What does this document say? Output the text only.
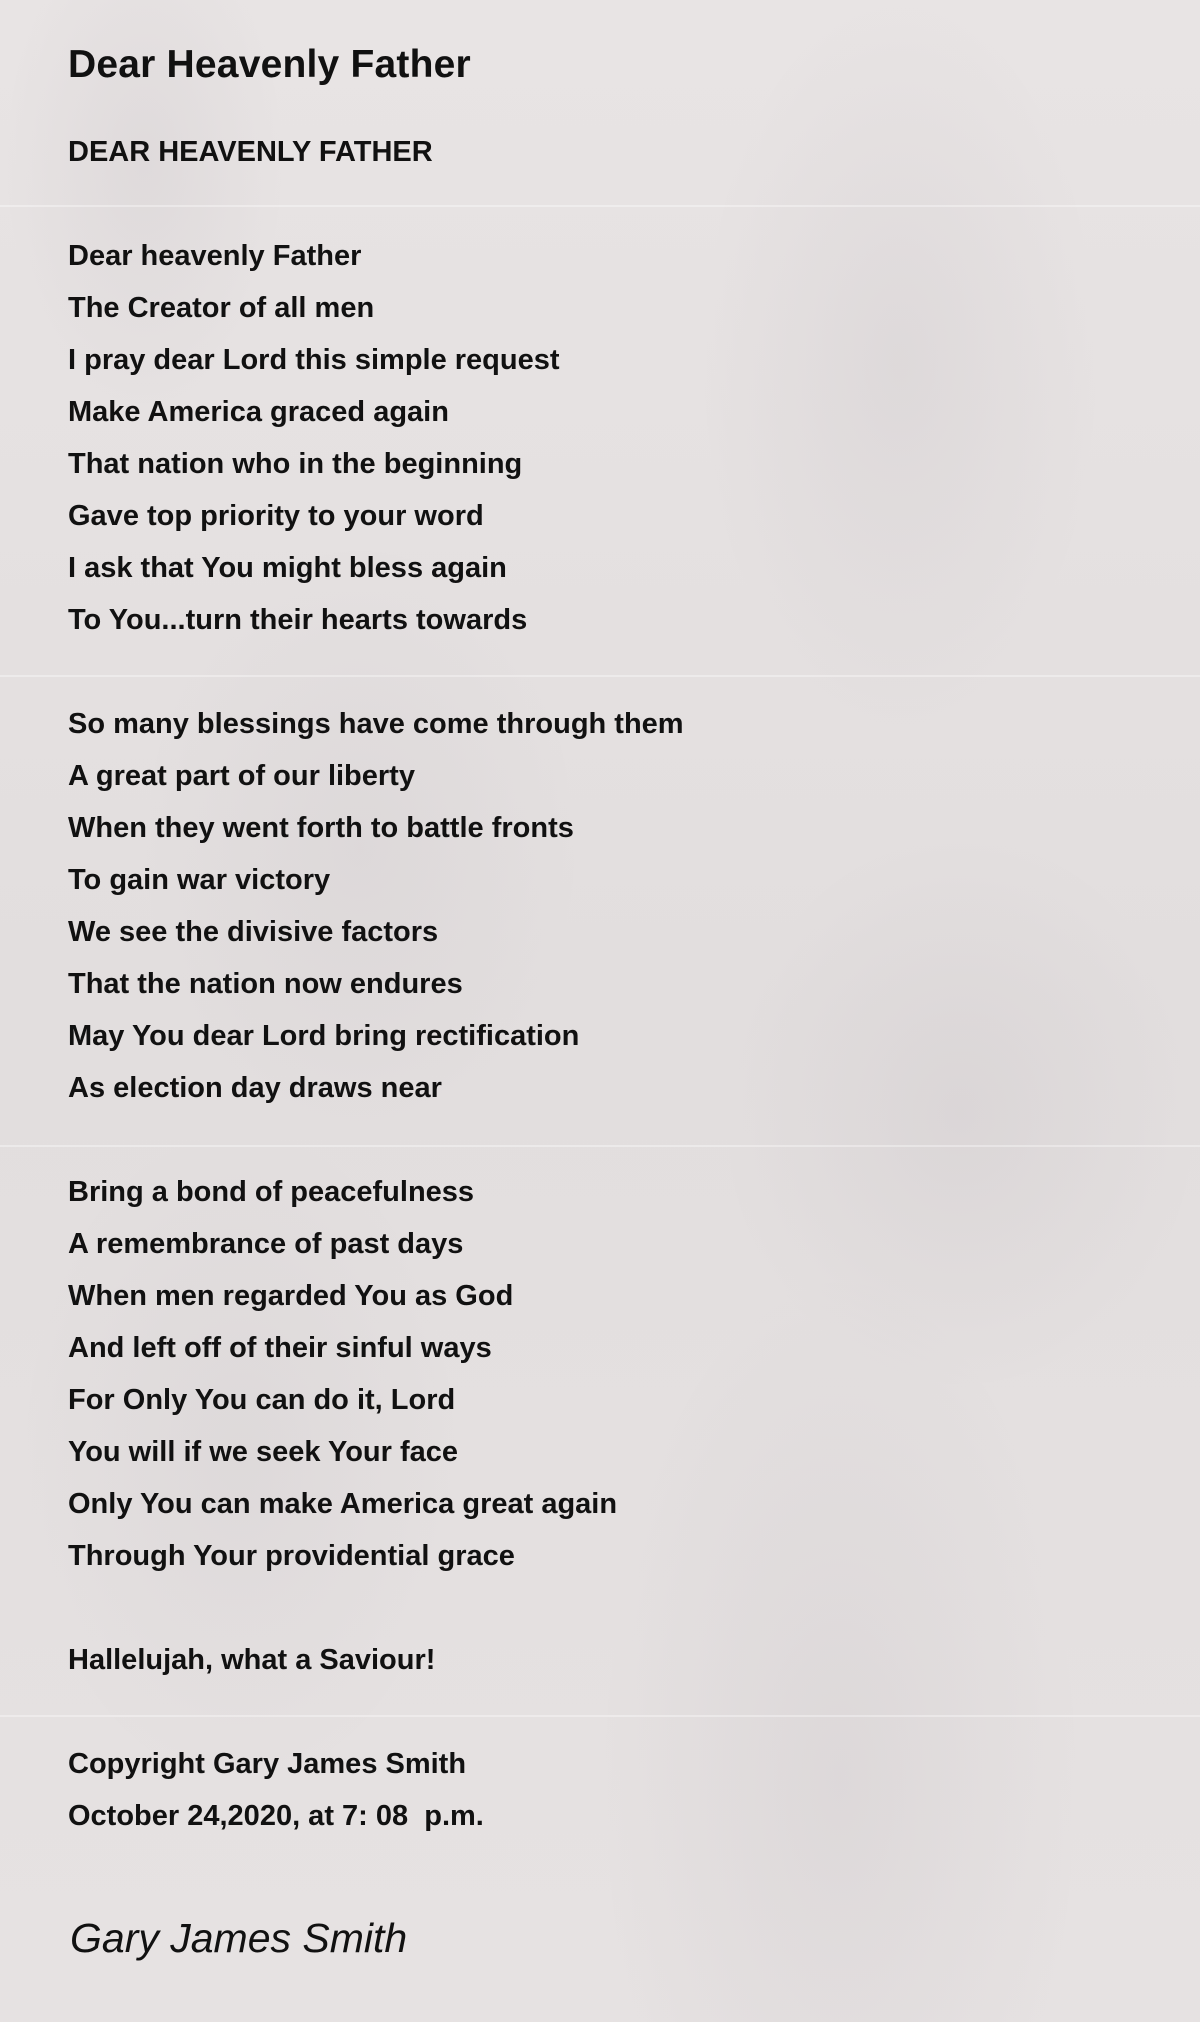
Dear Heavenly Father
DEAR HEAVENLY FATHER
Dear heavenly Father
The Creator of all men
I pray dear Lord this simple request
Make America graced again
That nation who in the beginning
Gave top priority to your word
I ask that You might bless again
To You...turn their hearts towards
So many blessings have come through them
A great part of our liberty
When they went forth to battle fronts
To gain war victory
We see the divisive factors
That the nation now endures
May You dear Lord bring rectification
As election day draws near
Bring a bond of peacefulness
A remembrance of past days
When men regarded You as God
And left off of their sinful ways
For Only You can do it, Lord
You will if we seek Your face
Only You can make America great again
Through Your providential grace
Hallelujah, what a Saviour!
Copyright Gary James Smith
October 24,2020, at 7: 08  p.m.
Gary James Smith
